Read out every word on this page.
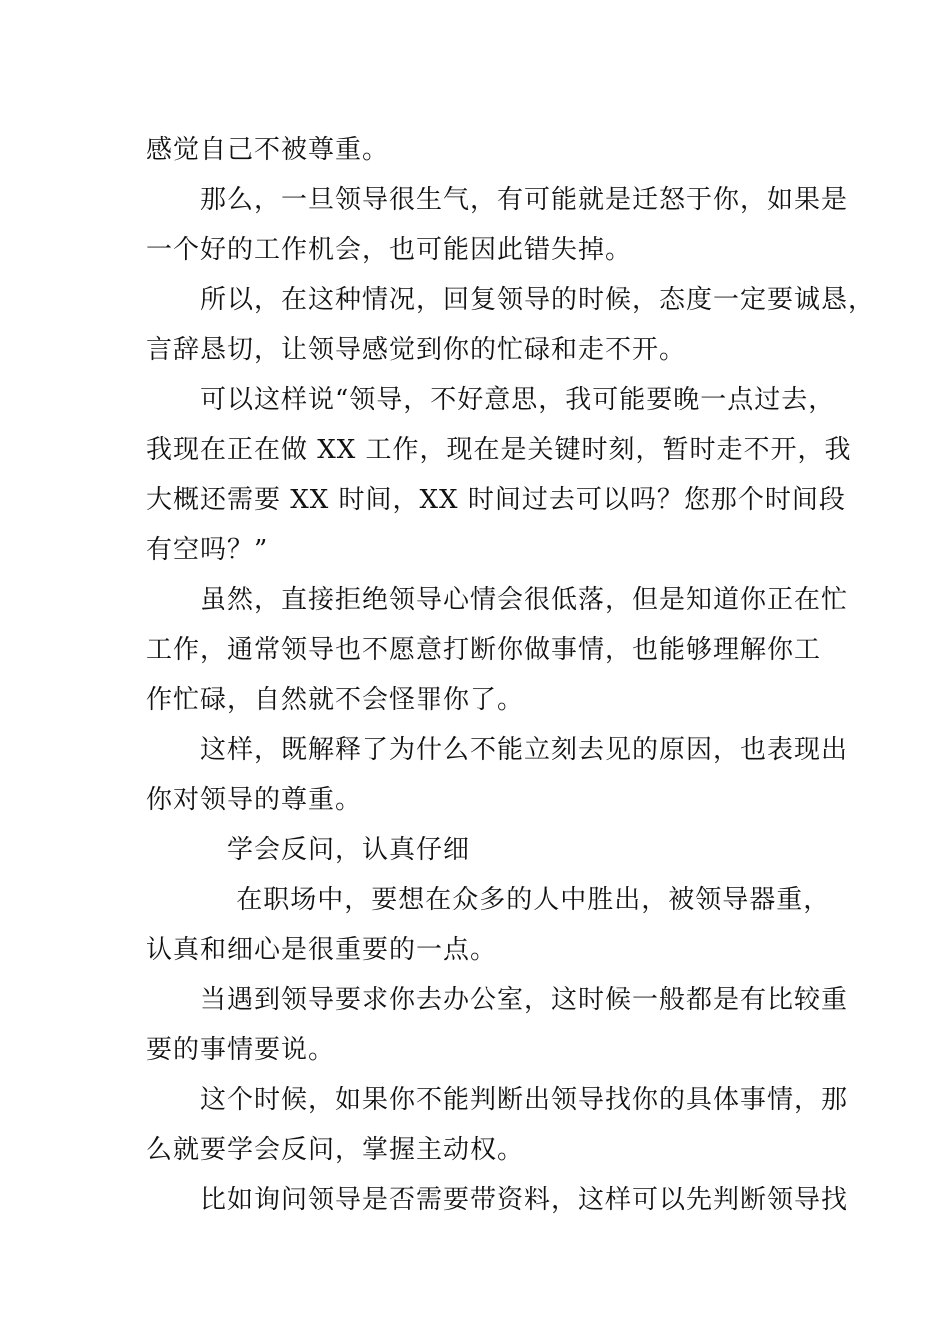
感觉自己不被尊重。
　　那么，一旦领导很生气，有可能就是迁怒于你，如果是
一个好的工作机会，也可能因此错失掉。
　　所以，在这种情况，回复领导的时候，态度一定要诚恳，
言辞恳切，让领导感觉到你的忙碌和走不开。
　　可以这样说“领导，不好意思，我可能要晚一点过去，
我现在正在做 XX 工作，现在是关键时刻，暂时走不开，我
大概还需要 XX 时间，XX 时间过去可以吗？您那个时间段
有空吗？”
　　虽然，直接拒绝领导心情会很低落，但是知道你正在忙
工作，通常领导也不愿意打断你做事情，也能够理解你工
作忙碌，自然就不会怪罪你了。
　　这样，既解释了为什么不能立刻去见的原因，也表现出
你对领导的尊重。
　　　学会反问，认真仔细
　　　 在职场中，要想在众多的人中胜出，被领导器重，
认真和细心是很重要的一点。
　　当遇到领导要求你去办公室，这时候一般都是有比较重
要的事情要说。
　　这个时候，如果你不能判断出领导找你的具体事情，那
么就要学会反问，掌握主动权。
　　比如询问领导是否需要带资料，这样可以先判断领导找
